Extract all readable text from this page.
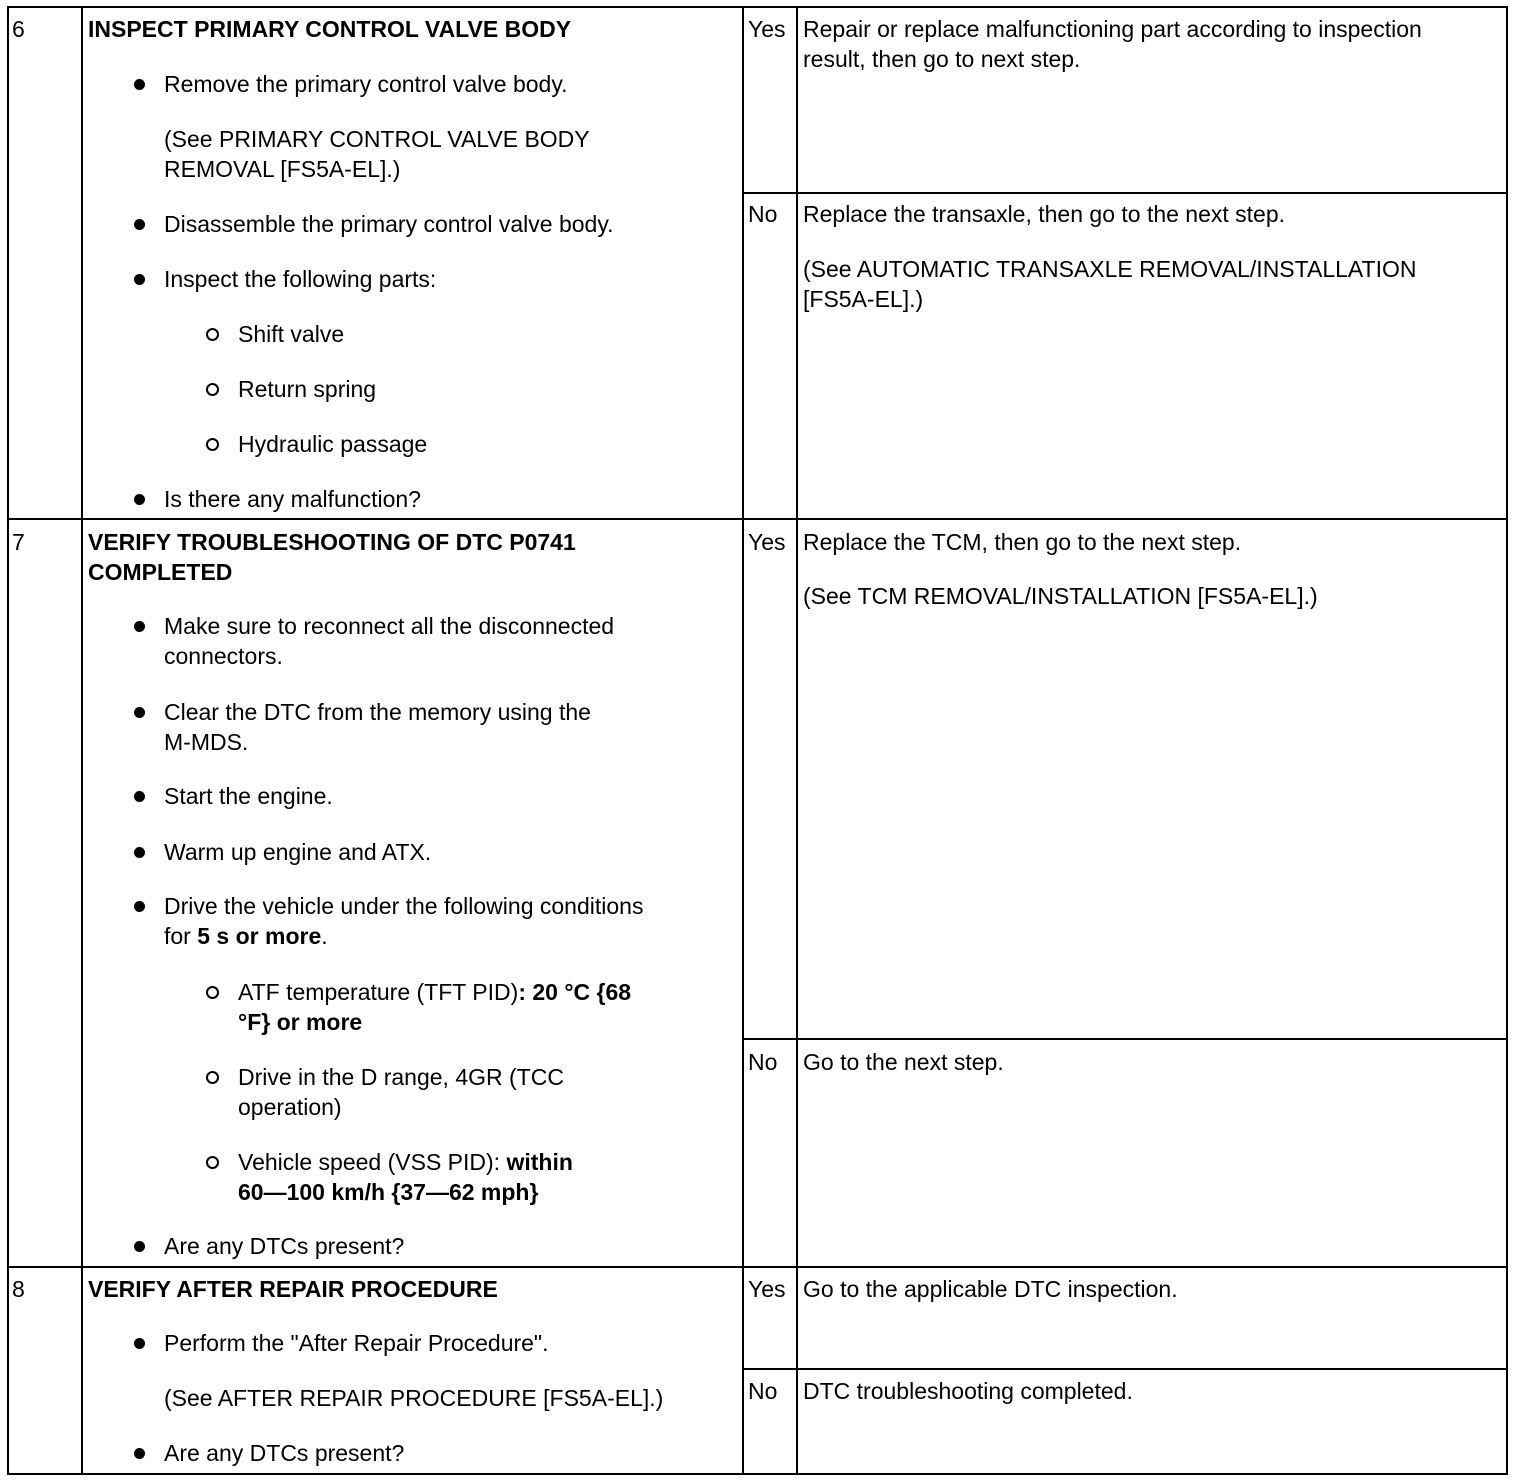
6	INSPECT PRIMARY CONTROL VALVE BODY
Remove the primary control valve body.
(See PRIMARY CONTROL VALVE BODY
REMOVAL [FS5A-EL].)
Disassemble the primary control valve body.
Inspect the following parts:
Shift valve
Return spring
Hydraulic passage
Is there any malfunction?
Yes Repair or replace malfunctioning part according to inspection
result, then go to next step.
No Replace the transaxle, then go to the next step.
(See AUTOMATIC TRANSAXLE REMOVAL/INSTALLATION
[FS5A-EL].)
7	VERIFY TROUBLESHOOTING OF DTC P0741
COMPLETED
Make sure to reconnect all the disconnected
connectors.
Clear the DTC from the memory using the
M-MDS.
Start the engine.
Warm up engine and ATX.
Drive the vehicle under the following conditions
for 5 s or more.
ATF temperature (TFT PID): 20 °C {68
°F} or more
Drive in the D range, 4GR (TCC
operation)
Vehicle speed (VSS PID): within
60—100 km/h {37—62 mph}
Are any DTCs present?
Yes Replace the TCM, then go to the next step.
(See TCM REMOVAL/INSTALLATION [FS5A-EL].)
No Go to the next step.
8	VERIFY AFTER REPAIR PROCEDURE
Perform the "After Repair Procedure".
(See AFTER REPAIR PROCEDURE [FS5A-EL].)
Are any DTCs present?
Yes Go to the applicable DTC inspection.
No DTC troubleshooting completed.
